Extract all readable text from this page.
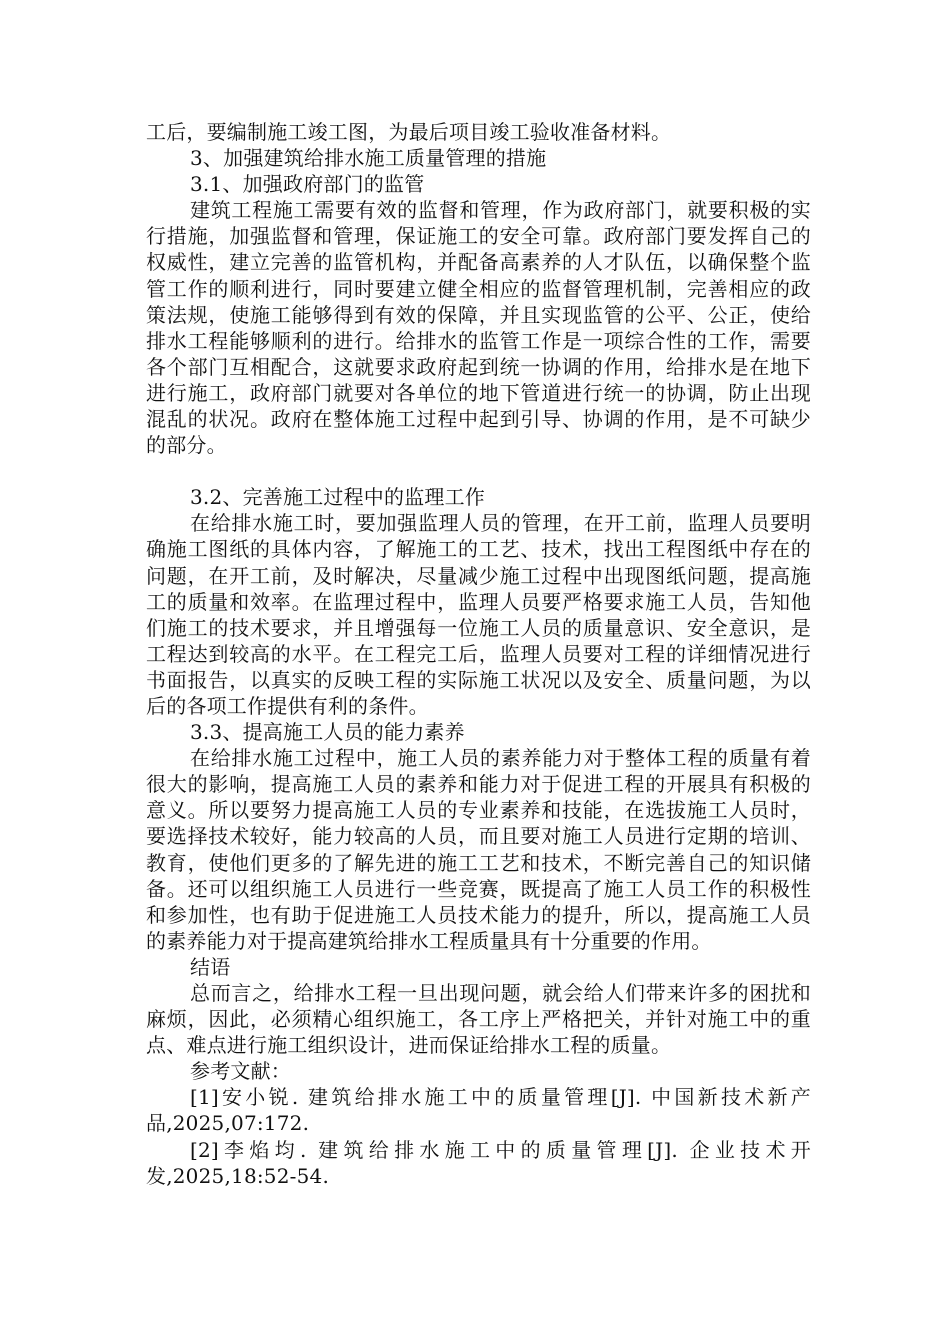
工后，要编制施工竣工图，为最后项目竣工验收准备材料。

3、加强建筑给排水施工质量管理的措施

3.1、加强政府部门的监管

建筑工程施工需要有效的监督和管理，作为政府部门，就要积极的实行措施，加强监督和管理，保证施工的安全可靠。政府部门要发挥自己的权威性，建立完善的监管机构，并配备高素养的人才队伍，以确保整个监管工作的顺利进行，同时要建立健全相应的监督管理机制，完善相应的政策法规，使施工能够得到有效的保障，并且实现监管的公平、公正，使给排水工程能够顺利的进行。给排水的监管工作是一项综合性的工作，需要各个部门互相配合，这就要求政府起到统一协调的作用，给排水是在地下进行施工，政府部门就要对各单位的地下管道进行统一的协调，防止出现混乱的状况。政府在整体施工过程中起到引导、协调的作用，是不可缺少的部分。

3.2、完善施工过程中的监理工作

在给排水施工时，要加强监理人员的管理，在开工前，监理人员要明确施工图纸的具体内容，了解施工的工艺、技术，找出工程图纸中存在的问题，在开工前，及时解决，尽量减少施工过程中出现图纸问题，提高施工的质量和效率。在监理过程中，监理人员要严格要求施工人员，告知他们施工的技术要求，并且增强每一位施工人员的质量意识、安全意识，是工程达到较高的水平。在工程完工后，监理人员要对工程的详细情况进行书面报告，以真实的反映工程的实际施工状况以及安全、质量问题，为以后的各项工作提供有利的条件。

3.3、提高施工人员的能力素养

在给排水施工过程中，施工人员的素养能力对于整体工程的质量有着很大的影响，提高施工人员的素养和能力对于促进工程的开展具有积极的意义。所以要努力提高施工人员的专业素养和技能，在选拔施工人员时，要选择技术较好，能力较高的人员，而且要对施工人员进行定期的培训、教育，使他们更多的了解先进的施工工艺和技术，不断完善自己的知识储备。还可以组织施工人员进行一些竞赛，既提高了施工人员工作的积极性和参加性，也有助于促进施工人员技术能力的提升，所以，提高施工人员的素养能力对于提高建筑给排水工程质量具有十分重要的作用。

结语

总而言之，给排水工程一旦出现问题，就会给人们带来许多的困扰和麻烦，因此，必须精心组织施工，各工序上严格把关，并针对施工中的重点、难点进行施工组织设计，进而保证给排水工程的质量。

参考文献：

[1]安小锐. 建筑给排水施工中的质量管理[J]. 中国新技术新产品,2025,07:172.

[2]李焰均. 建筑给排水施工中的质量管理[J]. 企业技术开发,2025,18:52-54.
